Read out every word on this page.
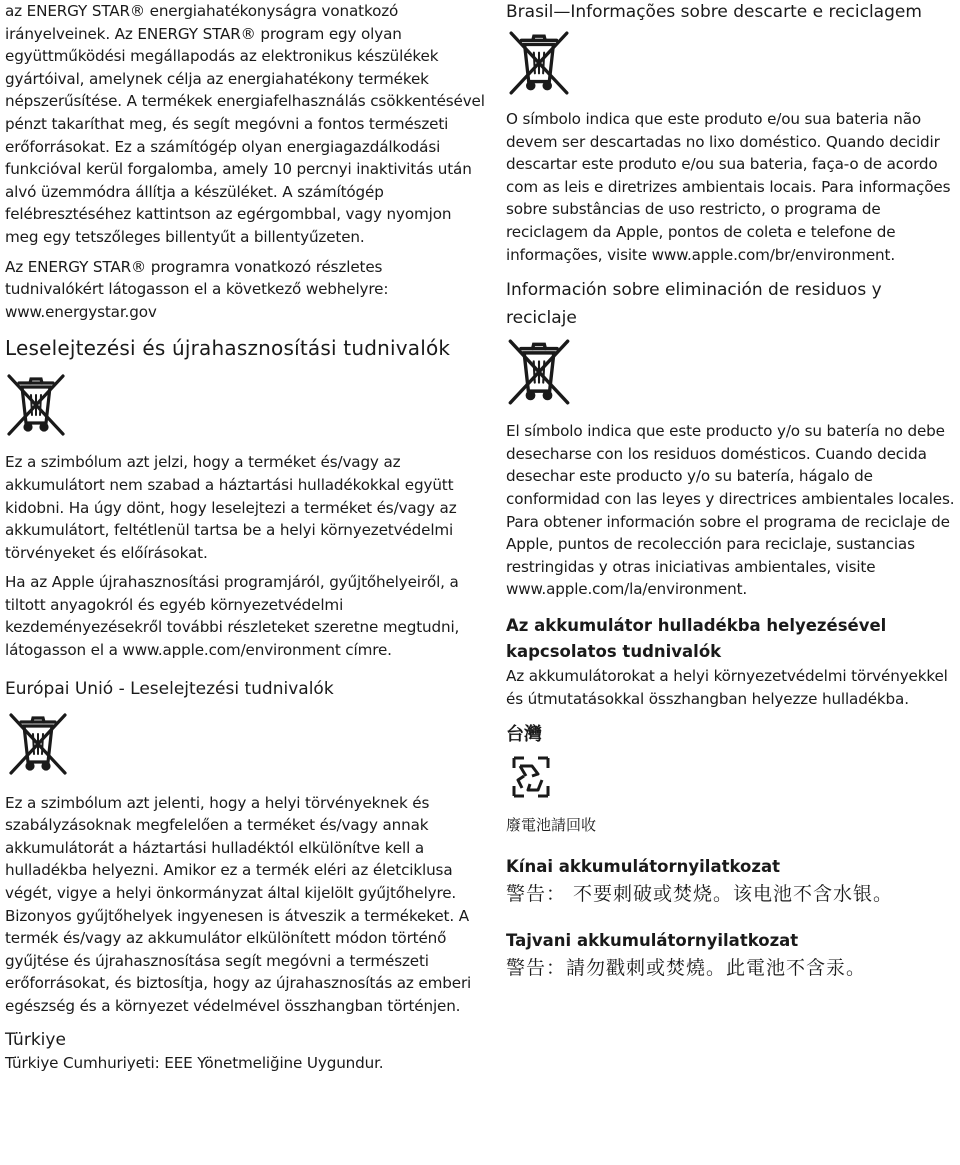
az ENERGY STAR® energiahatékonyságra vonatkozó irányelveinek. Az ENERGY STAR® program egy olyan együttműködési megállapodás az elektronikus készülékek gyártóival, amelynek célja az energiahatékony termékek népszerűsítése. A termékek energiafelhasználás csökkentésével pénzt takaríthat meg, és segít megóvni a fontos természeti erőforrásokat. Ez a számítógép olyan energiagazdálkodási funkcióval kerül forgalomba, amely 10 percnyi inaktivitás után alvó üzemmódra állítja a készüléket. A számítógép felébresztéséhez kattintson az egérgombbal, vagy nyomjon meg egy tetszőleges billentyűt a billentyűzeten.

Az ENERGY STAR® programra vonatkozó részletes tudnivalókért látogasson el a következő webhelyre: www.energystar.gov

Leselejtezési és újrahasznosítási tudnivalók

Ez a szimbólum azt jelzi, hogy a terméket és/vagy az akkumulátort nem szabad a háztartási hulladékokkal együtt kidobni. Ha úgy dönt, hogy leselejtezi a terméket és/vagy az akkumulátort, feltétlenül tartsa be a helyi környezetvédelmi törvényeket és előírásokat.

Ha az Apple újrahasznosítási programjáról, gyűjtőhelyeiről, a tiltott anyagokról és egyéb környezetvédelmi kezdeményezésekről további részleteket szeretne megtudni, látogasson el a www.apple.com/environment címre.

Európai Unió - Leselejtezési tudnivalók

Ez a szimbólum azt jelenti, hogy a helyi törvényeknek és szabályzásoknak megfelelően a terméket és/vagy annak akkumulátorát a háztartási hulladéktól elkülönítve kell a hulladékba helyezni. Amikor ez a termék eléri az életciklusa végét, vigye a helyi önkormányzat által kijelölt gyűjtőhelyre. Bizonyos gyűjtőhelyek ingyenesen is átveszik a termékeket. A termék és/vagy az akkumulátor elkülönített módon történő gyűjtése és újrahasznosítása segít megóvni a természeti erőforrásokat, és biztosítja, hogy az újrahasznosítás az emberi egészség és a környezet védelmével összhangban történjen.

Türkiye

Türkiye Cumhuriyeti: EEE Yönetmeliğine Uygundur.

Brasil—Informações sobre descarte e reciclagem

O símbolo indica que este produto e/ou sua bateria não devem ser descartadas no lixo doméstico. Quando decidir descartar este produto e/ou sua bateria, faça-o de acordo com as leis e diretrizes ambientais locais. Para informações sobre substâncias de uso restricto, o programa de reciclagem da Apple, pontos de coleta e telefone de informações, visite www.apple.com/br/environment.

Información sobre eliminación de residuos y reciclaje

El símbolo indica que este producto y/o su batería no debe desecharse con los residuos domésticos. Cuando decida desechar este producto y/o su batería, hágalo de conformidad con las leyes y directrices ambientales locales. Para obtener información sobre el programa de reciclaje de Apple, puntos de recolección para reciclaje, sustancias restringidas y otras iniciativas ambientales, visite www.apple.com/la/environment.

Az akkumulátor hulladékba helyezésével kapcsolatos tudnivalók

Az akkumulátorokat a helyi környezetvédelmi törvényekkel és útmutatásokkal összhangban helyezze hulladékba.

台灣
廢電池請回收
Kínai akkumulátornyilatkozat
警告： 不要刺破或焚烧。该电池不含水银。
Tajvani akkumulátornyilatkozat
警告：請勿戳刺或焚燒。此電池不含汞。
